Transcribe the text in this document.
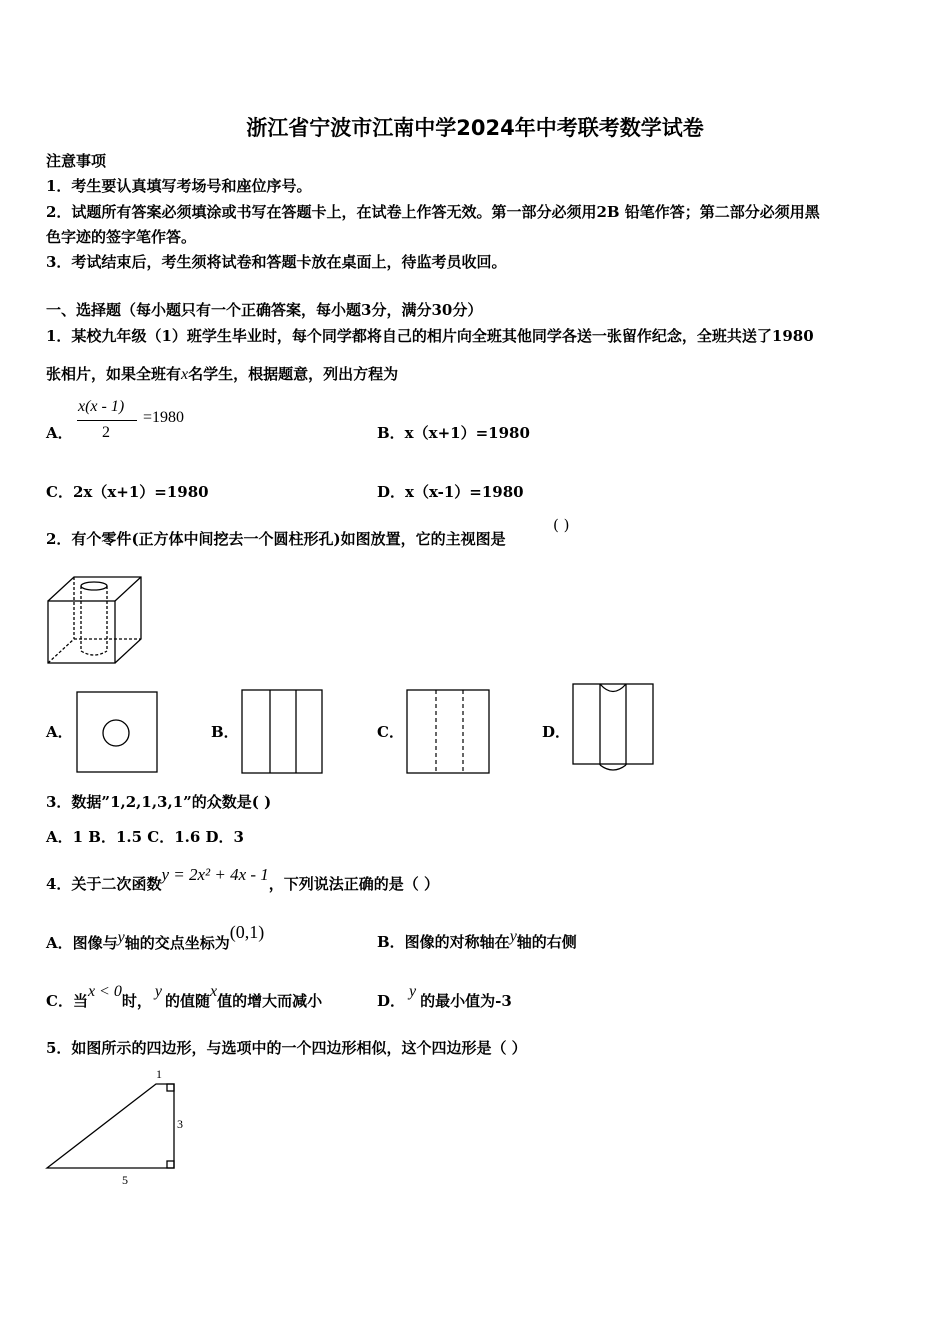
浙江省宁波市江南中学2024年中考联考数学试卷
注意事项
1．考生要认真填写考场号和座位序号。
2．试题所有答案必须填涂或书写在答题卡上，在试卷上作答无效。第一部分必须用2B 铅笔作答；第二部分必须用黑
色字迹的签字笔作答。
3．考试结束后，考生须将试卷和答题卡放在桌面上，待监考员收回。
一、选择题（每小题只有一个正确答案，每小题3分，满分30分）
1．某校九年级（1）班学生毕业时，每个同学都将自己的相片向全班其他同学各送一张留作纪念，全班共送了1980
张相片，如果全班有x名学生，根据题意，列出方程为
A．
x(x - 1)
2
=1980
B．x（x+1）=1980
C．2x（x+1）=1980	D．x（x-1）=1980
2．有个零件(正方体中间挖去一个圆柱形孔)如图放置，它的主视图是
( )
A．	B．	C．	D．
3．数据”1,2,1,3,1”的众数是( )
A．1 B．1.5 C．1.6 D．3
4．关于二次函数y = 2x² + 4x - 1，下列说法正确的是（ ）
A．图像与y轴的交点坐标为(0,1)	B．图像的对称轴在y轴的右侧
C．当x < 0时，y的值随x值的增大而减小	D．y的最小值为-3
5．如图所示的四边形，与选项中的一个四边形相似，这个四边形是（ ）
1
3
5
